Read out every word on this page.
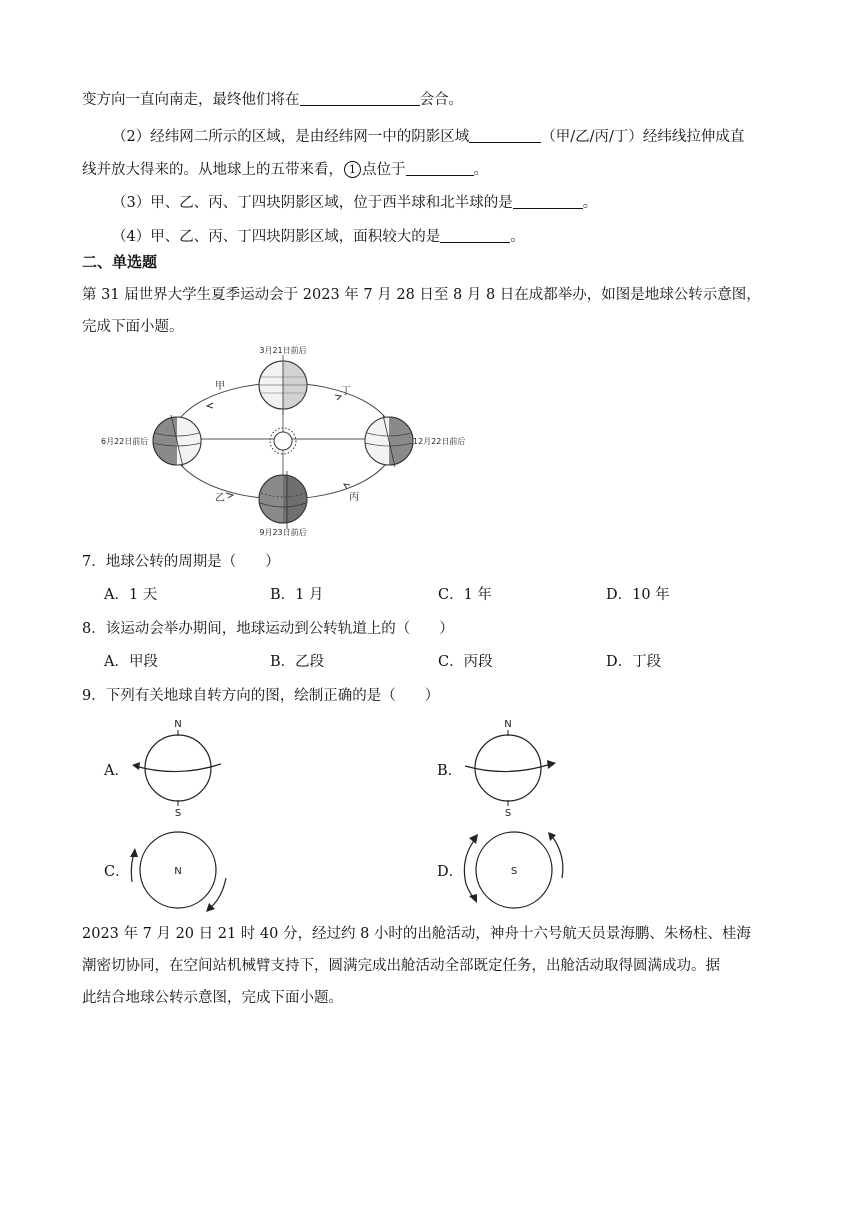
变方向一直向南走，最终他们将在	会合。
（2）经纬网二所示的区域，是由经纬网一中的阴影区域	（甲/乙/丙/丁）经纬线拉伸成直
线并放大得来的。从地球上的五带来看， 1 点位于	。
（3）甲、乙、丙、丁四块阴影区域，位于西半球和北半球的是	。
（4）甲、乙、丙、丁四块阴影区域，面积较大的是	。
二、单选题
第 31 届世界大学生夏季运动会于 2023 年 7 月 28 日至 8 月 8 日在成都举办，如图是地球公转示意图，
完成下面小题。
3月21日前后
6月22日前后	12月22日前后
9月23日前后
甲
乙	丙
丁
7．地球公转的周期是（　　）
A．1 天	B．1 月	C．1 年	D．10 年
8．该运动会举办期间，地球运动到公转轨道上的（　　）
A．甲段	B．乙段	C．丙段	D．丁段
9．下列有关地球自转方向的图，绘制正确的是（　　）
A．
N
S
B．
N
S
C．	N	D．	S
2023 年 7 月 20 日 21 时 40 分，经过约 8 小时的出舱活动，神舟十六号航天员景海鹏、朱杨柱、桂海
潮密切协同，在空间站机械臂支持下，圆满完成出舱活动全部既定任务，出舱活动取得圆满成功。据
此结合地球公转示意图，完成下面小题。
